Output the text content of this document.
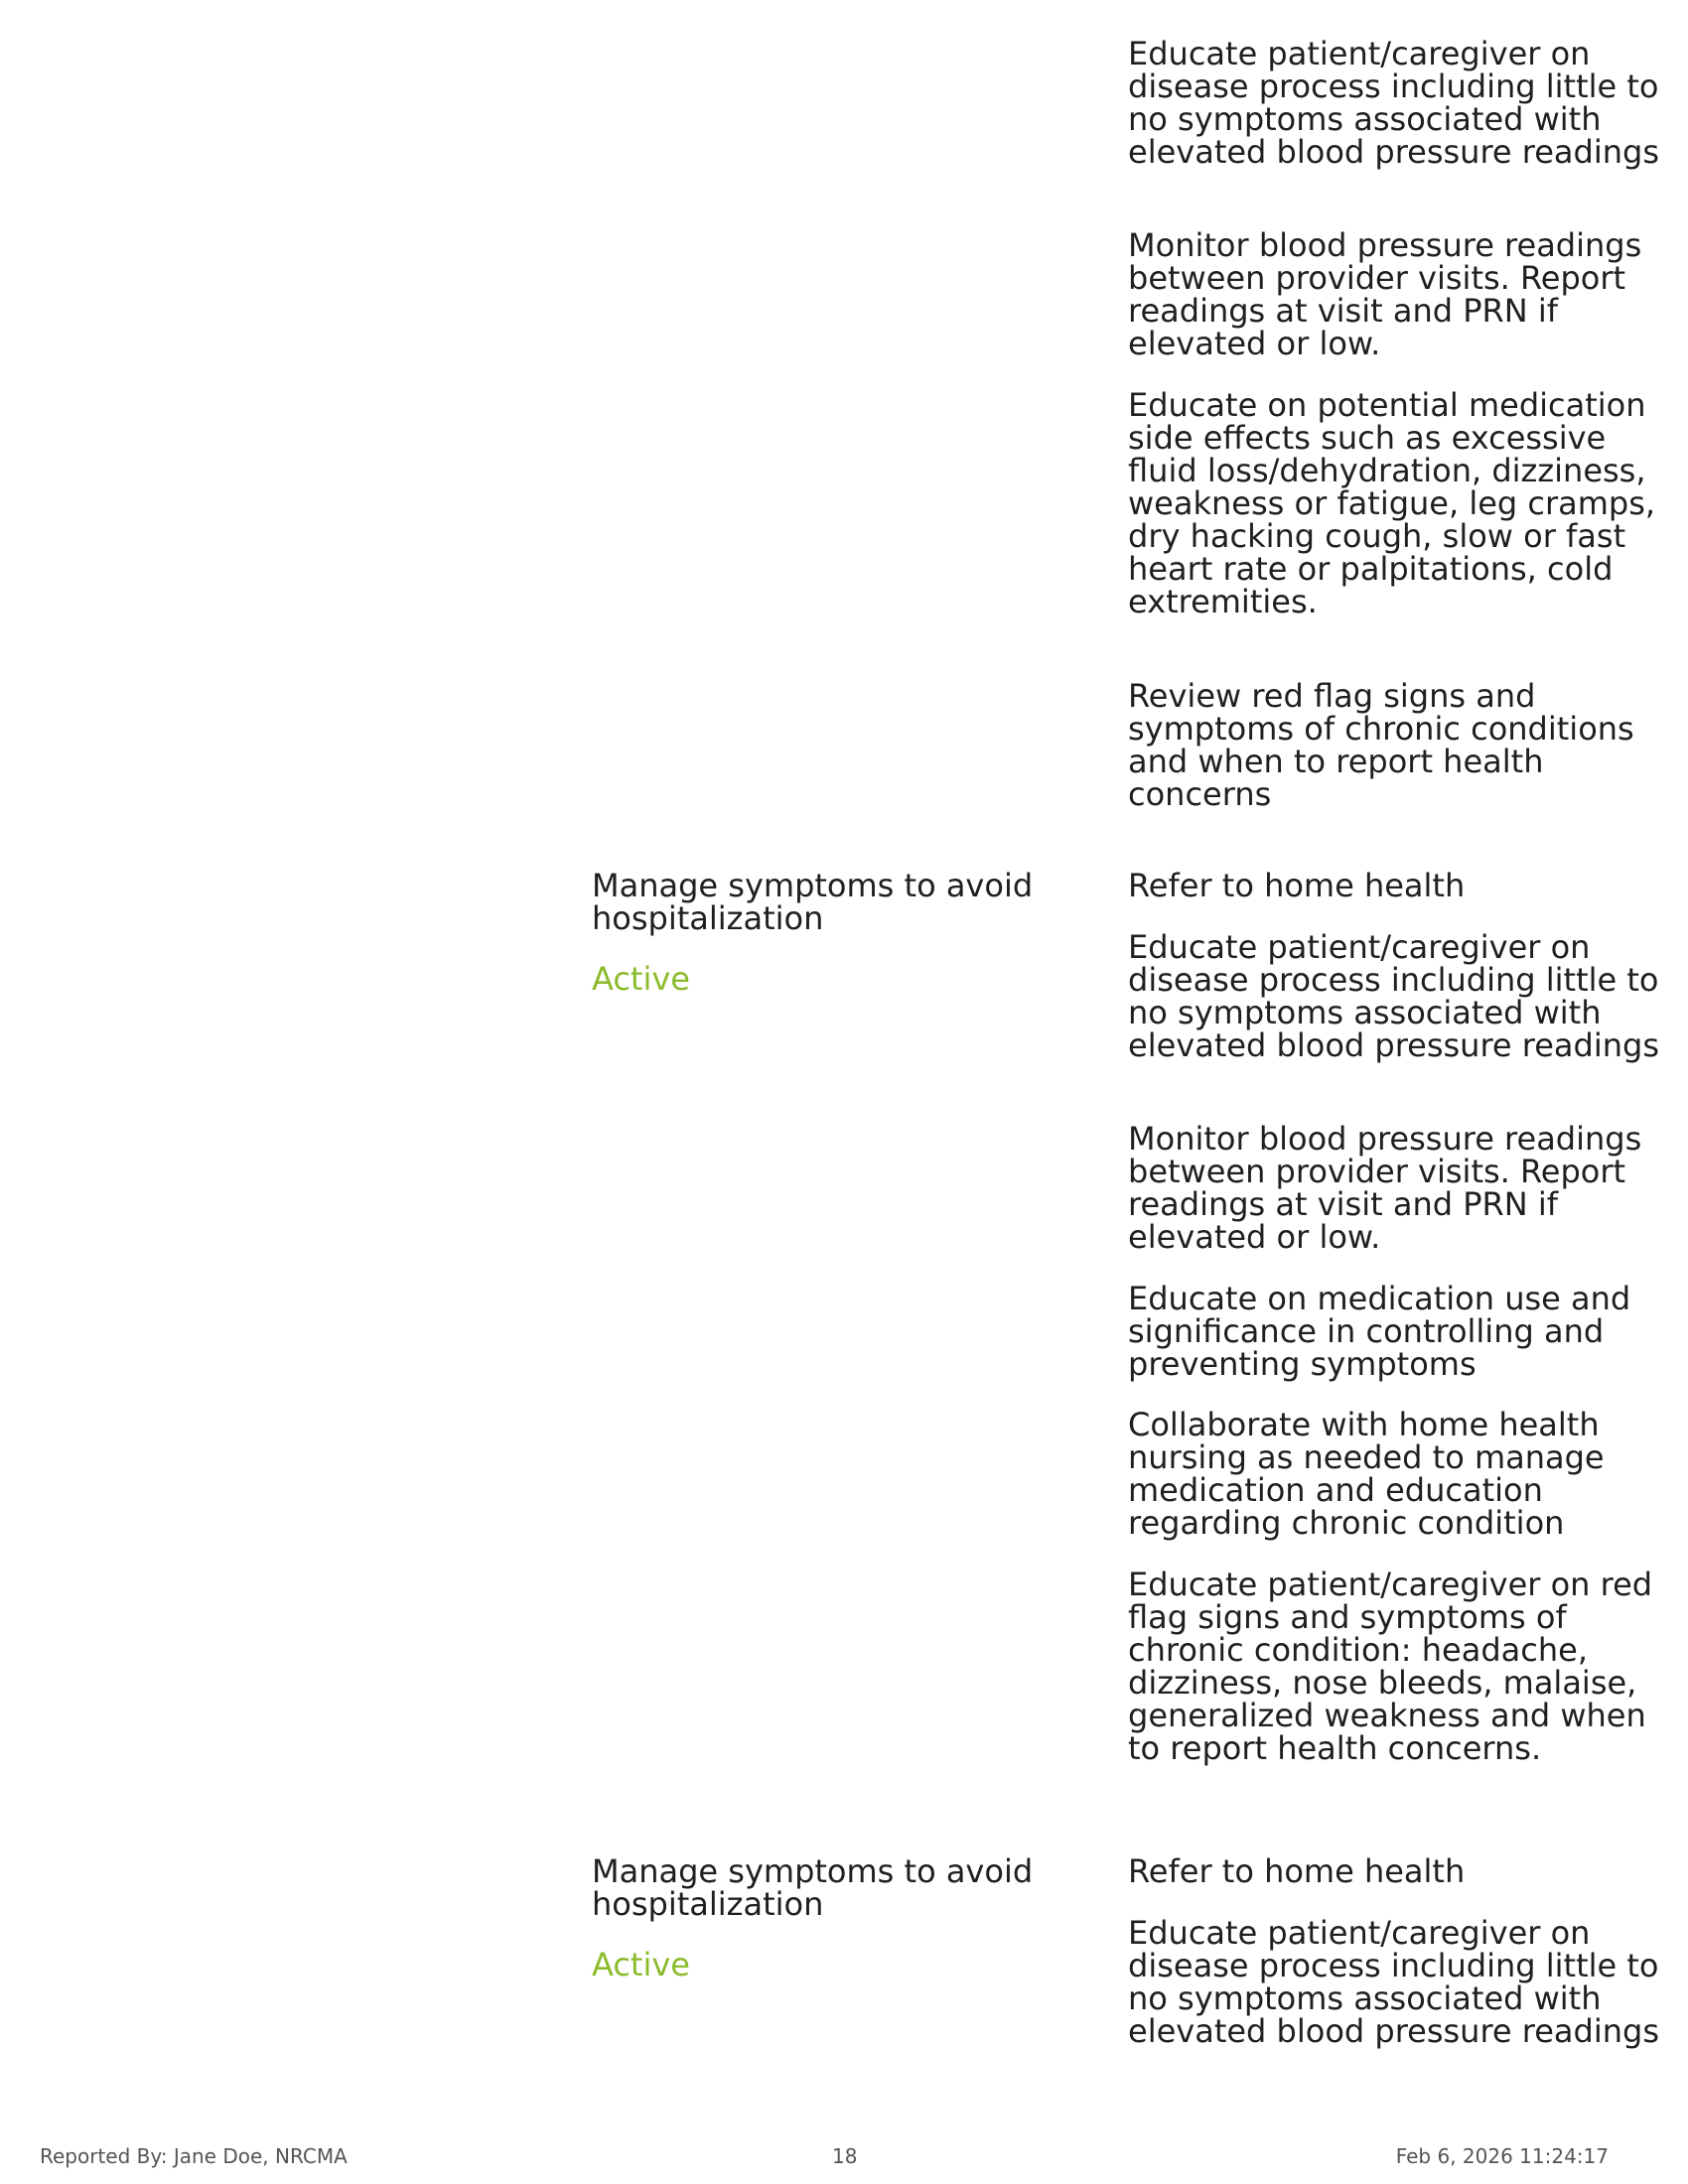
Educate patient/caregiver on disease process including little to no symptoms associated with elevated blood pressure readings

Monitor blood pressure readings between provider visits. Report readings at visit and PRN if elevated or low.

Educate on potential medication side effects such as excessive fluid loss/dehydration, dizziness, weakness or fatigue, leg cramps, dry hacking cough, slow or fast heart rate or palpitations, cold extremities.

Review red flag signs and symptoms of chronic conditions and when to report health concerns

Manage symptoms to avoid hospitalization

Active

Refer to home health

Educate patient/caregiver on disease process including little to no symptoms associated with elevated blood pressure readings

Monitor blood pressure readings between provider visits. Report readings at visit and PRN if elevated or low.

Educate on medication use and significance in controlling and preventing symptoms

Collaborate with home health nursing as needed to manage medication and education regarding chronic condition

Educate patient/caregiver on red flag signs and symptoms of chronic condition: headache, dizziness, nose bleeds, malaise, generalized weakness and when to report health concerns.

Manage symptoms to avoid hospitalization

Active

Refer to home health

Educate patient/caregiver on disease process including little to no symptoms associated with elevated blood pressure readings

Reported By: Jane Doe, NRCMA	18	Feb 6, 2026 11:24:17
